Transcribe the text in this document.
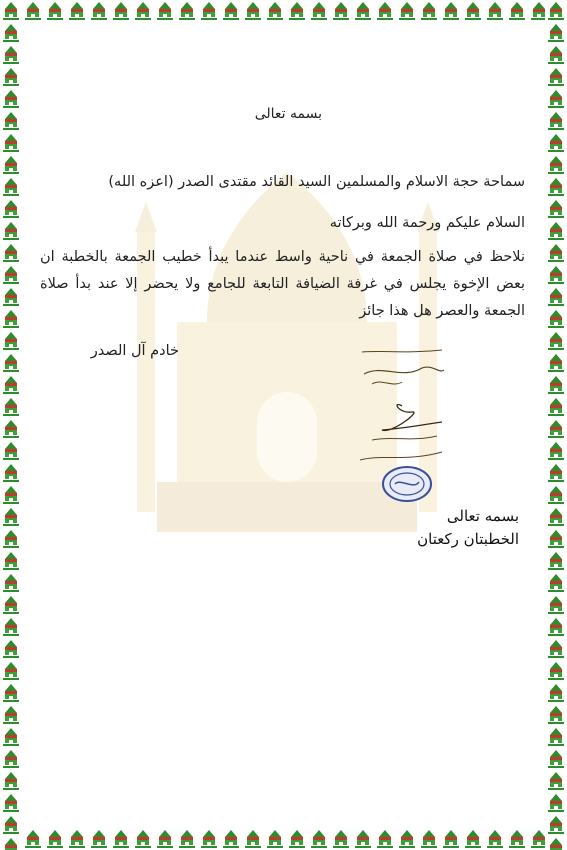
بسمه تعالى
سماحة حجة الاسلام والمسلمين السيد القائد مقتدى الصدر (اعزه الله)
السلام عليكم ورحمة الله وبركاته
نلاحظ في صلاة الجمعة في ناحية واسط عندما يبدأ خطيب الجمعة بالخطبة ان بعض الإخوة يجلس في غرفة الضيافة التابعة للجامع ولا يحضر إلا عند بدأ صلاة الجمعة والعصر هل هذا جائز
خادم آل الصدر
بسمه تعالى
الخطبتان ركعتان
